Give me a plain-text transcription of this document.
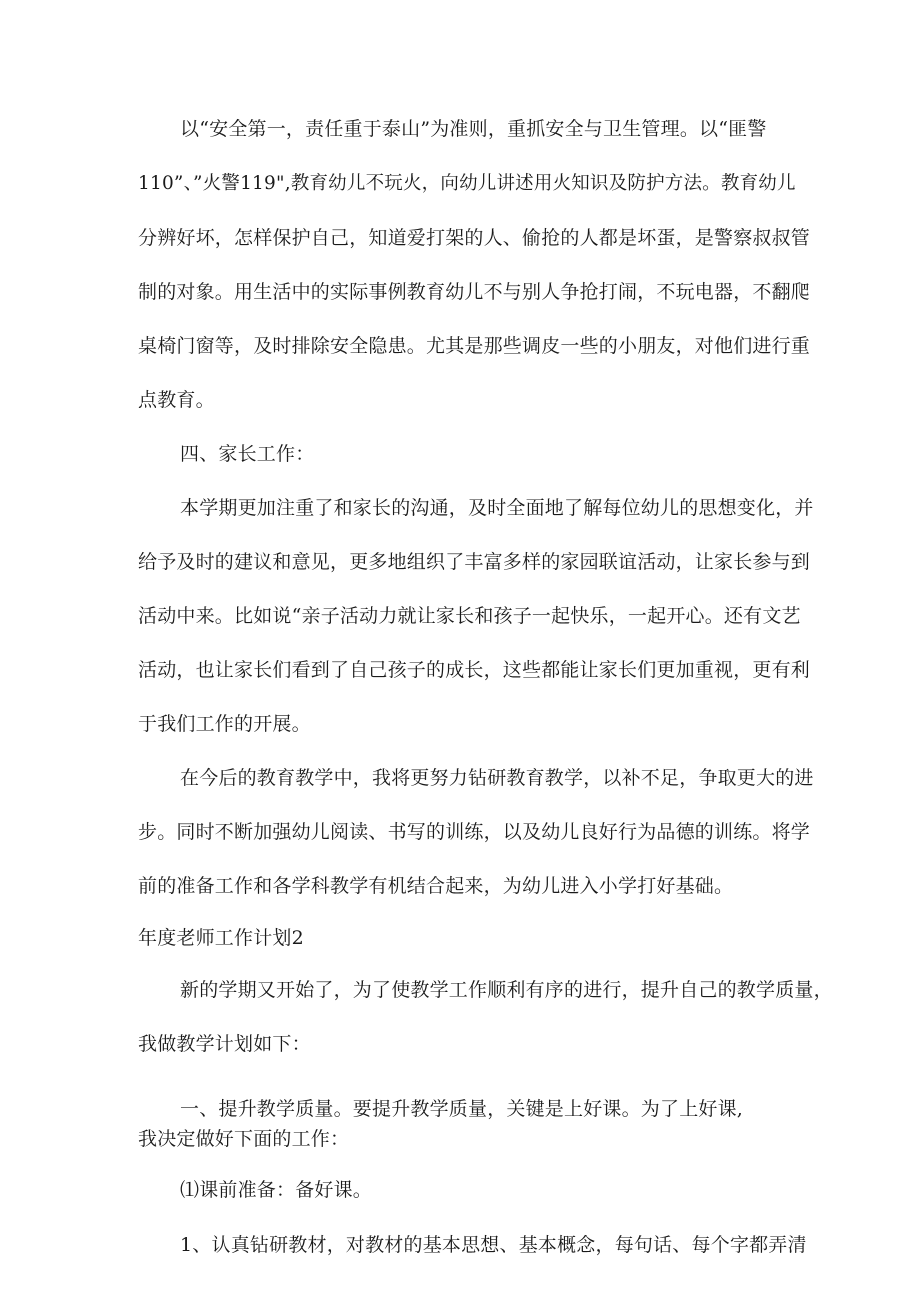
以“安全第一，责任重于泰山”为准则，重抓安全与卫生管理。以“匪警
110”、”火警119",教育幼儿不玩火，向幼儿讲述用火知识及防护方法。教育幼儿
分辨好坏，怎样保护自己，知道爱打架的人、偷抢的人都是坏蛋，是警察叔叔管
制的对象。用生活中的实际事例教育幼儿不与别人争抢打闹，不玩电器，不翻爬
桌椅门窗等，及时排除安全隐患。尤其是那些调皮一些的小朋友，对他们进行重
点教育。
四、家长工作：
本学期更加注重了和家长的沟通，及时全面地了解每位幼儿的思想变化，并
给予及时的建议和意见，更多地组织了丰富多样的家园联谊活动，让家长参与到
活动中来。比如说“亲子活动力就让家长和孩子一起快乐，一起开心。还有文艺
活动，也让家长们看到了自己孩子的成长，这些都能让家长们更加重视，更有利
于我们工作的开展。
在今后的教育教学中，我将更努力钻研教育教学，以补不足，争取更大的进
步。同时不断加强幼儿阅读、书写的训练，以及幼儿良好行为品德的训练。将学
前的准备工作和各学科教学有机结合起来，为幼儿进入小学打好基础。
年度老师工作计划2
新的学期又开始了，为了使教学工作顺利有序的进行，提升自己的教学质量，
我做教学计划如下：
一、提升教学质量。要提升教学质量，关键是上好课。为了上好课,
我决定做好下面的工作：
⑴课前准备：备好课。
1、认真钻研教材，对教材的基本思想、基本概念，每句话、每个字都弄清
